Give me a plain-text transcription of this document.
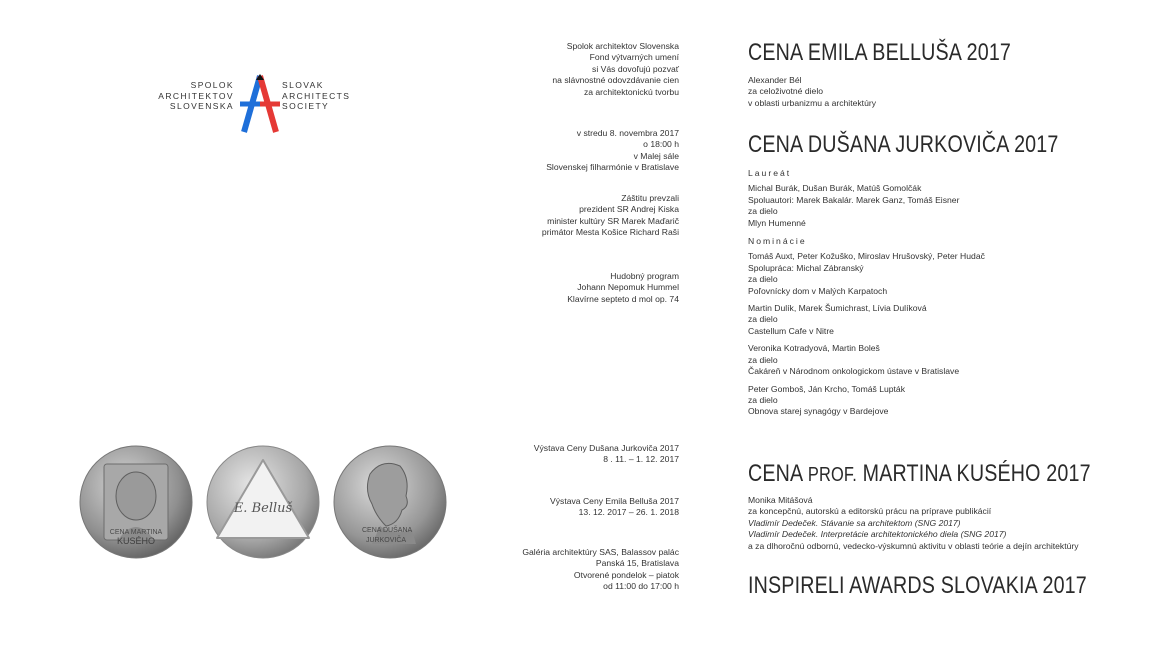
SPOLOK
ARCHITEKTOV
SLOVENSKA
SLOVAK
ARCHITECTS
SOCIETY
Spolok architektov Slovenska
Fond výtvarných umení
si Vás dovoľujú pozvať
na slávnostné odovzdávanie cien
za architektonickú tvorbu
v stredu 8. novembra 2017
o 18:00 h
v Malej sále
Slovenskej filharmónie v Bratislave
Záštitu prevzali
prezident SR Andrej Kiska
minister kultúry SR Marek Maďarič
primátor Mesta Košice Richard Raši
Hudobný program
Johann Nepomuk Hummel
Klavírne septeto d mol op. 74
Výstava Ceny Dušana Jurkoviča 2017
8 . 11. – 1. 12. 2017
Výstava Ceny Emila Belluša 2017
13. 12. 2017 – 26. 1. 2018
Galéria architektúry SAS, Balassov palác
Panská 15, Bratislava
Otvorené pondelok – piatok
od 11:00 do 17:00 h
CENA MARTINA
KUSÉHO
E. Belluš
CENA DUŠANA
JURKOVIČA
CENA EMILA BELLUŠA 2017
Alexander Bél
za celoživotné dielo
v oblasti urbanizmu a architektúry
CENA DUŠANA JURKOVIČA 2017
Laureát
Michal Burák, Dušan Burák, Matúš Gomolčák
Spoluautori: Marek Bakalár. Marek Ganz, Tomáš Eisner
za dielo
Mlyn Humenné
Nominácie
Tomáš Auxt, Peter Kožuško, Miroslav Hrušovský, Peter Hudač
Spolupráca: Michal Zábranský
za dielo
Poľovnícky dom v Malých Karpatoch
Martin Dulík, Marek Šumichrast, Lívia Dulíková
za dielo
Castellum Cafe v Nitre
Veronika Kotradyová, Martin Boleš
za dielo
Čakáreň v Národnom onkologickom ústave v Bratislave
Peter Gomboš, Ján Krcho, Tomáš Lupták
za dielo
Obnova starej synagógy v Bardejove
CENA PROF. MARTINA KUSÉHO 2017
Monika Mitášová
za koncepčnú, autorskú a editorskú prácu na príprave publikácií
Vladimír Dedeček. Stávanie sa architektom (SNG 2017)
Vladimír Dedeček. Interpretácie architektonického diela (SNG 2017)
a za dlhoročnú odbornú, vedecko-výskumnú aktivitu v oblasti teórie a dejín architektúry
INSPIRELI AWARDS SLOVAKIA 2017
